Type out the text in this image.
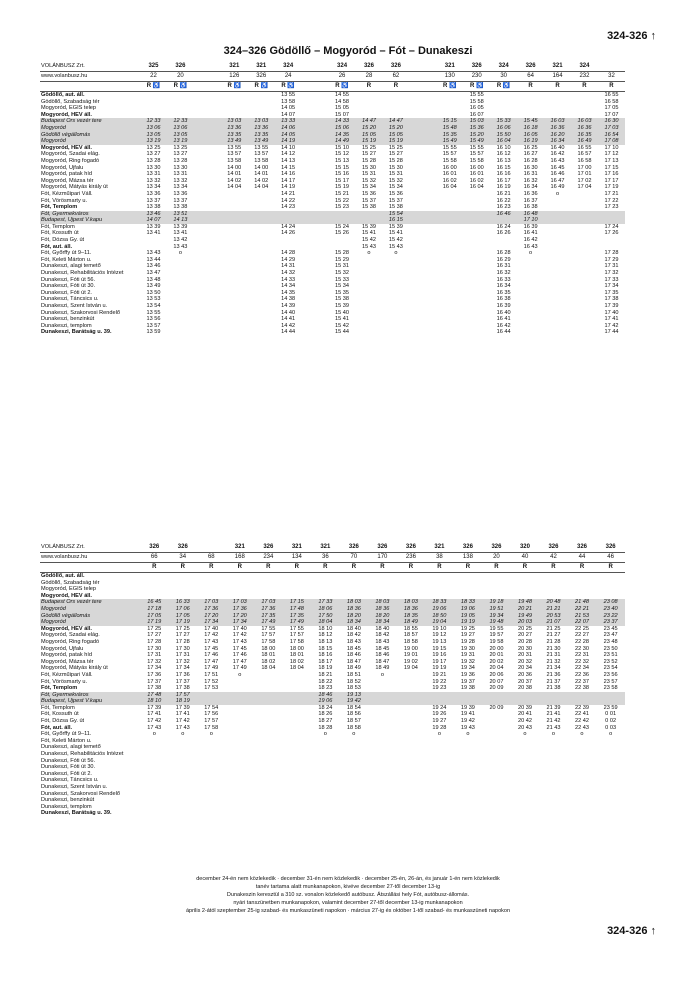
324-326 ↑
324–326 Gödöllő – Mogyoród – Fót – Dunakeszi
VOLÁNBUSZ Zrt.	325	326		321	321	324		324	326	326		321	326	324	326	321	324	
www.volanbusz.hu	22	20		126	326	24		26	28	62		130	230	30	64	164	232	32
	R ♿	R ♿		R ♿	R ♿	R ♿		R ♿	R	R		R ♿	R ♿	R ♿	R	R	R	R
Gödöllő, aut. áll.						13 55		14 55					15 55					16 55
Gödöllő, Szabadság tér						13 58		14 58					15 58					16 58
Mogyoród, EGIS telep						14 05		15 05					16 05					17 05
Mogyoród, HÉV áll.						14 07		15 07					16 07					17 07
Budapest Örs vezér tere	12 33	12 33		13 03	13 03	13 33		14 33	14 47	14 47		15 15	15 03	15 33	15 45	16 03	16 03	16 30
Mogyoród	13 06	13 06		13 36	13 36	14 06		15 06	15 20	15 20		15 48	15 36	16 06	16 18	16 36	16 36	17 03
Gödöllő végállomás	13 05	13 05		13 35	13 35	14 05		14 35	15 05	15 05		15 35	15 20	15 50	16 05	16 20	16 35	16 54
Mogyoród	13 19	13 19		13 49	13 49	14 19		14 49	15 19	15 19		15 49	15 49	16 04	16 19	16 34	16 49	17 08
Mogyoród, HÉV áll.	13 25	13 25		13 55	13 55	14 10		15 10	15 25	15 25		15 55	15 55	16 10	16 25	16 40	16 55	17 10
Mogyoród, Szadai elág.	13 27	13 27		13 57	13 57	14 12		15 12	15 27	15 27		15 57	15 57	16 12	16 27	16 42	16 57	17 12
Mogyoród, Ring fogadó	13 28	13 28		13 58	13 58	14 13		15 13	15 28	15 28		15 58	15 58	16 13	16 28	16 43	16 58	17 13
Mogyoród, Újfalu	13 30	13 30		14 00	14 00	14 15		15 15	15 30	15 30		16 00	16 00	16 15	16 30	16 45	17 00	17 15
Mogyoród, patak híd	13 31	13 31		14 01	14 01	14 16		15 16	15 31	15 31		16 01	16 01	16 16	16 31	16 46	17 01	17 16
Mogyoród, Mázsa tér	13 32	13 32		14 02	14 02	14 17		15 17	15 32	15 32		16 02	16 02	16 17	16 32	16 47	17 02	17 17
Mogyoród, Mátyás király út	13 34	13 34		14 04	14 04	14 19		15 19	15 34	15 34		16 04	16 04	16 19	16 34	16 49	17 04	17 19
Fót, Kézműipari Váll.	13 36	13 36				14 21		15 21	15 36	15 36				16 21	16 36	o		17 21
Fót, Vörösmarty u.	13 37	13 37				14 22		15 22	15 37	15 37				16 22	16 37			17 22
Fót, Templom	13 38	13 38				14 23		15 23	15 38	15 38				16 23	16 38			17 23
Fót, Gyermekváros	13 46	13 51								15 54				16 46	16 48			
Budapest, Újpest V.kapu	14 07	14 13								16 15					17 10			
Fót, Templom	13 39	13 39				14 24		15 24	15 39	15 39				16 24	16 39			17 24
Fót, Kossuth út	13 41	13 41				14 26		15 26	15 41	15 41				16 26	16 41			17 26
Fót, Dózsa Gy. út		13 42							15 42	15 42					16 42			
Fót, aut. áll.		13 43							15 43	15 43					16 43			
Fót, Győrffy út 9–11.	13 43	o				14 28		15 28	o	o				16 28	o			17 28
Fót, Keleti Márton u.	13 44					14 29		15 29						16 29				17 29
Dunakeszi, alagi temető	13 46					14 31		15 31						16 31				17 31
Dunakeszi, Rehabilitációs Intézet	13 47					14 32		15 32						16 32				17 32
Dunakeszi, Fóti út 56.	13 48					14 33		15 33						16 33				17 33
Dunakeszi, Fóti út 30.	13 49					14 34		15 34						16 34				17 34
Dunakeszi, Fóti út 2.	13 50					14 35		15 35						16 35				17 35
Dunakeszi, Táncsics u.	13 53					14 38		15 38						16 38				17 38
Dunakeszi, Szent István u.	13 54					14 39		15 39						16 39				17 39
Dunakeszi, Szakorvosi Rendelő	13 55					14 40		15 40						16 40				17 40
Dunakeszi, benzinkút	13 56					14 41		15 41						16 41				17 41
Dunakeszi, templom	13 57					14 42		15 42						16 42				17 42
Dunakeszi, Barátság u. 39.	13 59					14 44		15 44						16 44				17 44
VOLÁNBUSZ Zrt.	326	326		321	326	321	321	326	326	326	321	326	326	320	326	326	326
www.volanbusz.hu	66	34	68	168	234	134	36	70	170	236	38	138	20	40	42	44	46
	R	R	R	R	R	R	R	R	R	R	R	R	R	R	R	R	R
Gödöllő, aut. áll.																	
Gödöllő, Szabadság tér																	
Mogyoród, EGIS telep																	
Mogyoród, HÉV áll.																	
Budapest Örs vezér tere	16 45	16 33	17 03	17 03	17 03	17 15	17 33	18 03	18 03	18 03	18 33	18 33	19 18	19 48	20 48	21 48	23 08
Mogyoród	17 18	17 06	17 36	17 36	17 36	17 48	18 06	18 36	18 36	18 36	19 06	19 06	19 51	20 21	21 21	22 21	23 40
Gödöllő végállomás	17 05	17 05	17 20	17 20	17 35	17 35	17 50	18 20	18 20	18 35	18 50	19 05	19 34	19 49	20 53	21 53	23 22
Mogyoród	17 19	17 19	17 34	17 34	17 49	17 49	18 04	18 34	18 34	18 49	19 04	19 19	19 48	20 03	21 07	22 07	23 37
Mogyoród, HÉV áll.	17 25	17 25	17 40	17 40	17 55	17 55	18 10	18 40	18 40	18 55	19 10	19 25	19 55	20 25	21 25	22 25	23 45
Mogyoród, Szadai elág.	17 27	17 27	17 42	17 42	17 57	17 57	18 12	18 42	18 42	18 57	19 12	19 27	19 57	20 27	21 27	22 27	23 47
Mogyoród, Ring fogadó	17 28	17 28	17 43	17 43	17 58	17 58	18 13	18 43	18 43	18 58	19 13	19 28	19 58	20 28	21 28	22 28	23 48
Mogyoród, Újfalu	17 30	17 30	17 45	17 45	18 00	18 00	18 15	18 45	18 45	19 00	19 15	19 30	20 00	20 30	21 30	22 30	23 50
Mogyoród, patak híd	17 31	17 31	17 46	17 46	18 01	18 01	18 16	18 46	18 46	19 01	19 16	19 31	20 01	20 31	21 31	22 31	23 51
Mogyoród, Mázsa tér	17 32	17 32	17 47	17 47	18 02	18 02	18 17	18 47	18 47	19 02	19 17	19 32	20 02	20 32	21 32	22 32	23 52
Mogyoród, Mátyás király út	17 34	17 34	17 49	17 49	18 04	18 04	18 19	18 49	18 49	19 04	19 19	19 34	20 04	20 34	21 34	22 34	23 54
Fót, Kézműipari Váll.	17 36	17 36	17 51	o			18 21	18 51	o		19 21	19 36	20 06	20 36	21 36	22 36	23 56
Fót, Vörösmarty u.	17 37	17 37	17 52				18 22	18 52			19 22	19 37	20 07	20 37	21 37	22 37	23 57
Fót, Templom	17 38	17 38	17 53				18 23	18 53			19 23	19 38	20 09	20 38	21 38	22 38	23 58
Fót, Gyermekváros	17 48	17 57					18 46	19 13									
Budapest, Újpest V.kapu	18 10	18 19					19 06	19 42									
Fót, Templom	17 39	17 39	17 54				18 24	18 54			19 24	19 39	20 09	20 39	21 39	22 39	23 59
Fót, Kossuth út	17 41	17 41	17 56				18 26	18 56			19 26	19 41		20 41	21 41	22 41	0 01
Fót, Dózsa Gy. út	17 42	17 42	17 57				18 27	18 57			19 27	19 42		20 42	21 42	22 42	0 02
Fót, aut. áll.	17 43	17 43	17 58				18 28	18 58			19 28	19 43		20 43	21 43	22 43	0 03
Fót, Győrffy út 9–11.	o	o	o				o	o			o	o		o	o	o	o
Fót, Keleti Márton u.																	
Dunakeszi, alagi temető																	
Dunakeszi, Rehabilitációs Intézet																	
Dunakeszi, Fóti út 56.																	
Dunakeszi, Fóti út 30.																	
Dunakeszi, Fóti út 2.																	
Dunakeszi, Táncsics u.																	
Dunakeszi, Szent István u.																	
Dunakeszi, Szakorvosi Rendelő																	
Dunakeszi, benzinkút																	
Dunakeszi, templom																	
Dunakeszi, Barátság u. 39.																	
december 24-én nem közlekedik · december 31-én nem közlekedik · december 25-én, 26-án, és január 1-én nem közlekedik
tanév tartama alatt munkanapokon, kivéve december 27-től december 13-ig
Dunakeszin keresztül a 310 sz. vonalon közlekedő autóbusz. Átszállási hely Fót, autóbusz-állomás.
nyári tanszünetben munkanapokon, valamint december 27-től december 13-ig munkanapokon
április 2-ától szeptember 25-ig szabad- és munkaszüneti napokon · március 27-ig és október 1-től szabad- és munkaszüneti napokon
324-326 ↑
